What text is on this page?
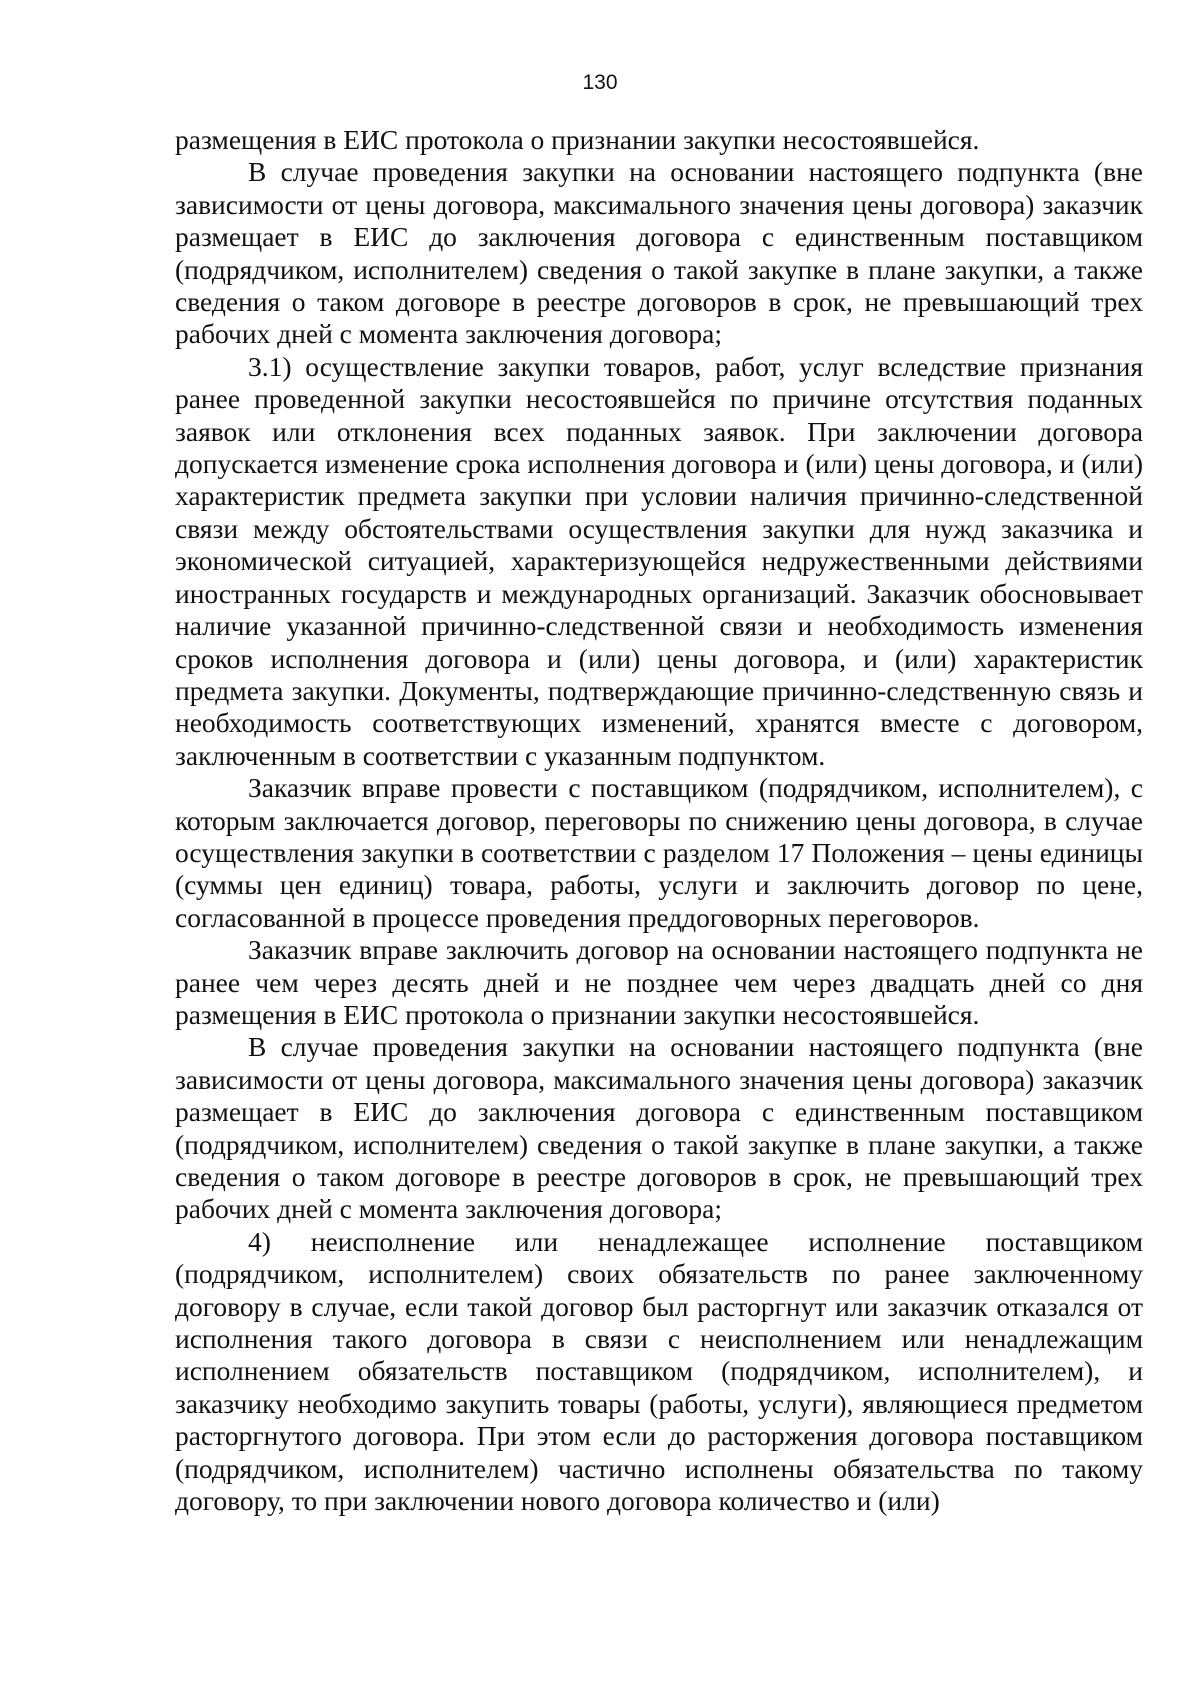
130

размещения в ЕИС протокола о признании закупки несостоявшейся.

В случае проведения закупки на основании настоящего подпункта (вне зависимости от цены договора, максимального значения цены договора) заказчик размещает в ЕИС до заключения договора с единственным поставщиком (подрядчиком, исполнителем) сведения о такой закупке в плане закупки, а также сведения о таком договоре в реестре договоров в срок, не превышающий трех рабочих дней с момента заключения договора;

3.1) осуществление закупки товаров, работ, услуг вследствие признания ранее проведенной закупки несостоявшейся по причине отсутствия поданных заявок или отклонения всех поданных заявок. При заключении договора допускается изменение срока исполнения договора и (или) цены договора, и (или) характеристик предмета закупки при условии наличия причинно-следственной связи между обстоятельствами осуществления закупки для нужд заказчика и экономической ситуацией, характеризующейся недружественными действиями иностранных государств и международных организаций. Заказчик обосновывает наличие указанной причинно-следственной связи и необходимость изменения сроков исполнения договора и (или) цены договора, и (или) характеристик предмета закупки. Документы, подтверждающие причинно-следственную связь и необходимость соответствующих изменений, хранятся вместе с договором, заключенным в соответствии с указанным подпунктом.

Заказчик вправе провести с поставщиком (подрядчиком, исполнителем), с которым заключается договор, переговоры по снижению цены договора, в случае осуществления закупки в соответствии с разделом 17 Положения – цены единицы (суммы цен единиц) товара, работы, услуги и заключить договор по цене, согласованной в процессе проведения преддоговорных переговоров.

Заказчик вправе заключить договор на основании настоящего подпункта не ранее чем через десять дней и не позднее чем через двадцать дней со дня размещения в ЕИС протокола о признании закупки несостоявшейся.

В случае проведения закупки на основании настоящего подпункта (вне зависимости от цены договора, максимального значения цены договора) заказчик размещает в ЕИС до заключения договора с единственным поставщиком (подрядчиком, исполнителем) сведения о такой закупке в плане закупки, а также сведения о таком договоре в реестре договоров в срок, не превышающий трех рабочих дней с момента заключения договора;

4) неисполнение или ненадлежащее исполнение поставщиком (подрядчиком, исполнителем) своих обязательств по ранее заключенному договору в случае, если такой договор был расторгнут или заказчик отказался от исполнения такого договора в связи с неисполнением или ненадлежащим исполнением обязательств поставщиком (подрядчиком, исполнителем), и заказчику необходимо закупить товары (работы, услуги), являющиеся предметом расторгнутого договора. При этом если до расторжения договора поставщиком (подрядчиком, исполнителем) частично исполнены обязательства по такому договору, то при заключении нового договора количество и (или)
